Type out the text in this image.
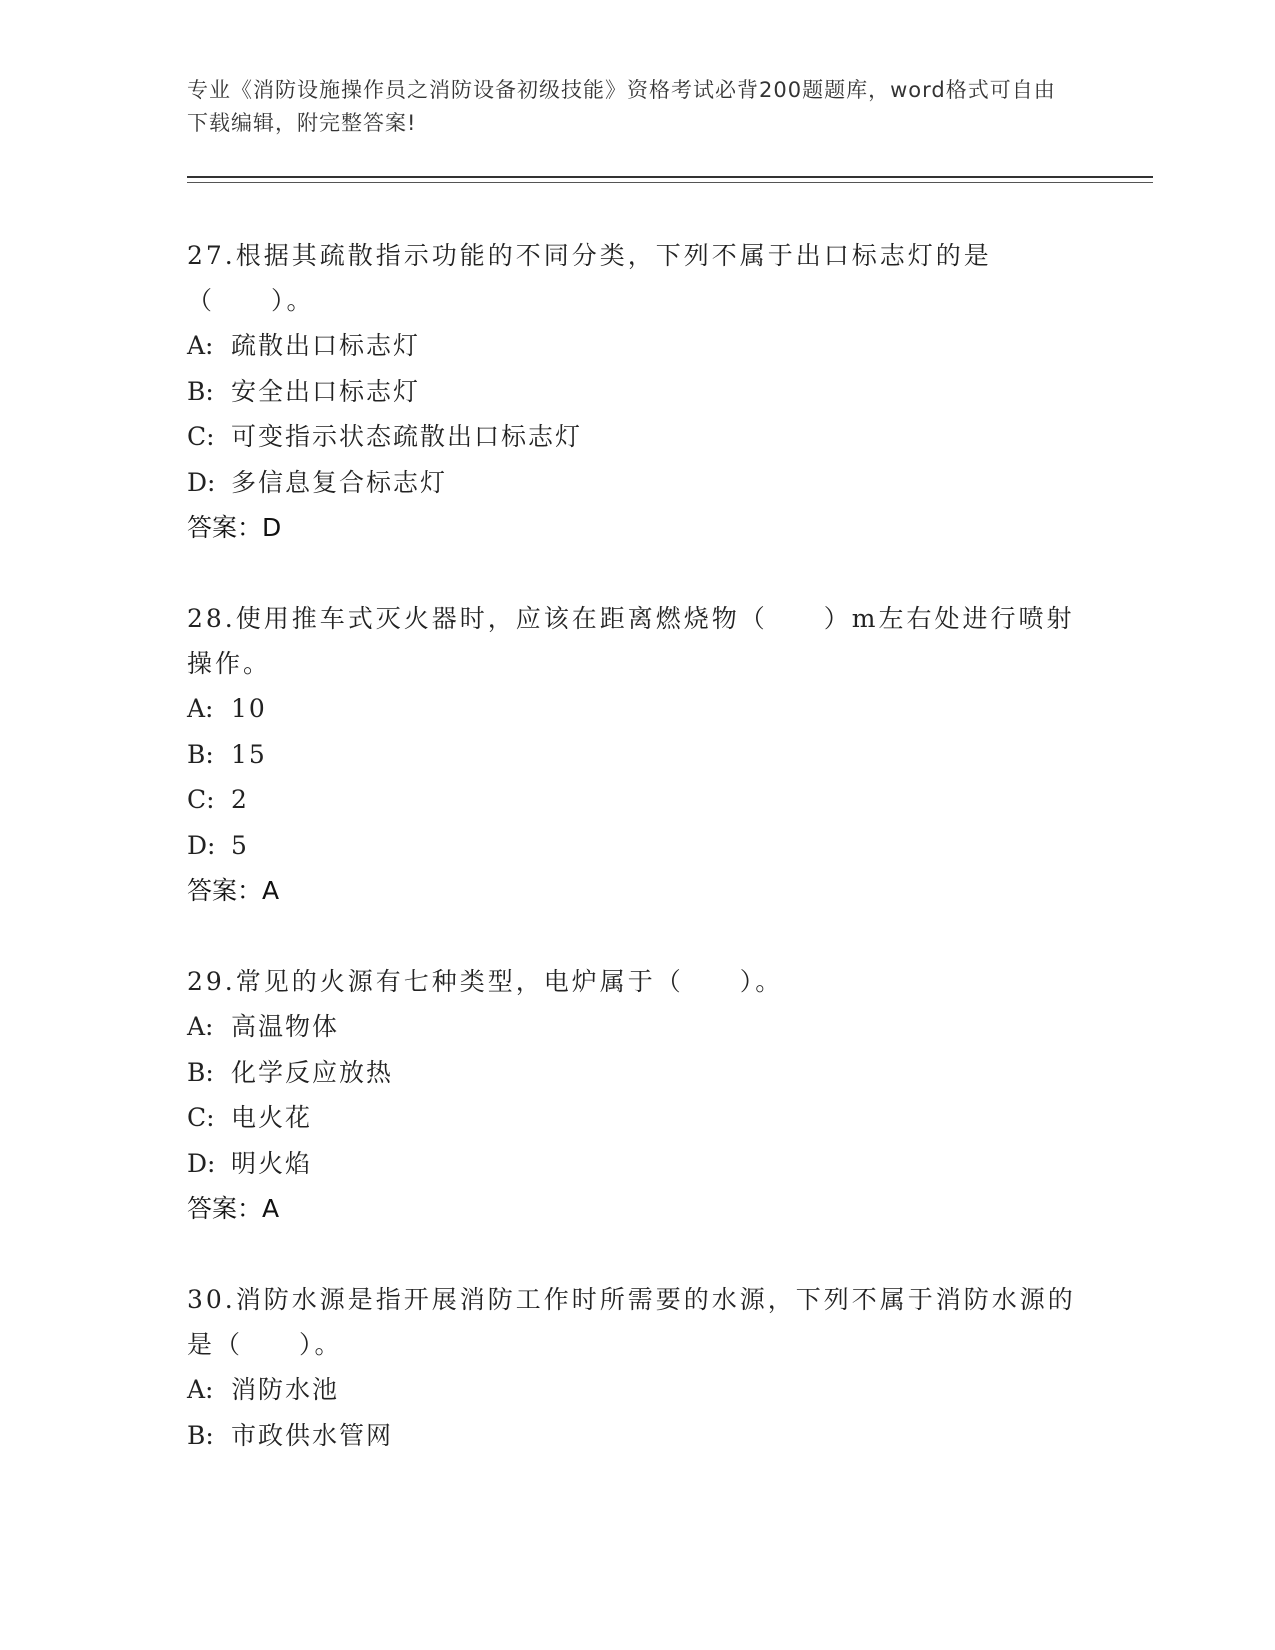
专业《消防设施操作员之消防设备初级技能》资格考试必背200题题库，word格式可自由下载编辑，附完整答案!
27.根据其疏散指示功能的不同分类，下列不属于出口标志灯的是（　　）。
A: 疏散出口标志灯
B: 安全出口标志灯
C: 可变指示状态疏散出口标志灯
D: 多信息复合标志灯
答案：D
28.使用推车式灭火器时，应该在距离燃烧物（　　）m左右处进行喷射操作。
A: 10
B: 15
C: 2
D: 5
答案：A
29.常见的火源有七种类型，电炉属于（　　）。
A: 高温物体
B: 化学反应放热
C: 电火花
D: 明火焰
答案：A
30.消防水源是指开展消防工作时所需要的水源，下列不属于消防水源的是（　　）。
A: 消防水池
B: 市政供水管网
